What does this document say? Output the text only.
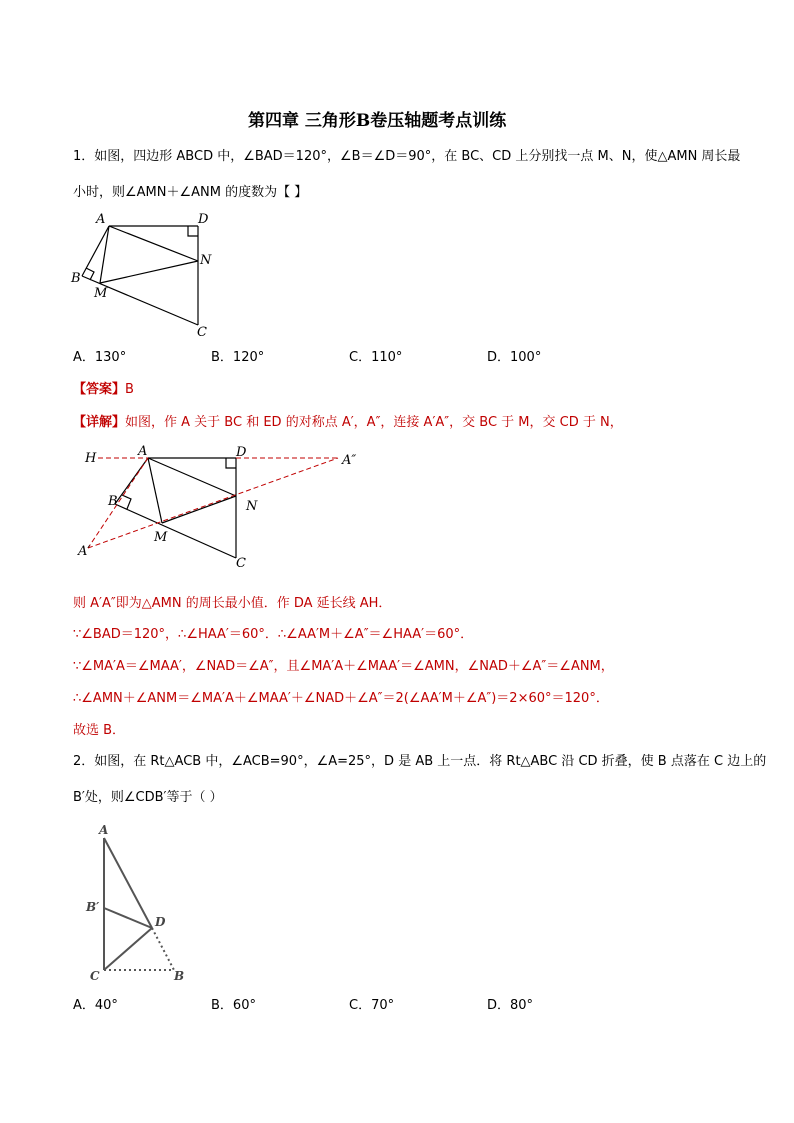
第四章 三角形B卷压轴题考点训练
1．如图，四边形 ABCD 中，∠BAD＝120°，∠B＝∠D＝90°，在 BC、CD 上分别找一点 M、N，使△AMN 周长最
小时，则∠AMN＋∠ANM 的度数为【 】
A	D
B
M
N
C
A．130°	B．120°	C．110°	D．100°
【答案】B
【详解】如图，作 A 关于 BC 和 ED 的对称点 A′，A″，连接 A′A″，交 BC 于 M，交 CD 于 N，
H	A	D
A″
B	N
M
A′
C
则 A′A″即为△AMN 的周长最小值．作 DA 延长线 AH．
∵∠BAD＝120°，∴∠HAA′＝60°．∴∠AA′M＋∠A″＝∠HAA′＝60°．
∵∠MA′A＝∠MAA′，∠NAD＝∠A″，且∠MA′A＋∠MAA′＝∠AMN，∠NAD＋∠A″＝∠ANM，
∴∠AMN＋∠ANM＝∠MA′A＋∠MAA′＋∠NAD＋∠A″＝2(∠AA′M＋∠A″)＝2×60°＝120°．
故选 B．
2．如图，在 Rt△ACB 中，∠ACB=90°，∠A=25°，D 是 AB 上一点．将 Rt△ABC 沿 CD 折叠，使 B 点落在 C 边上的
B′处，则∠CDB′等于（ ）
A
B′
D
C	B
A．40°	B．60°	C．70°	D．80°
